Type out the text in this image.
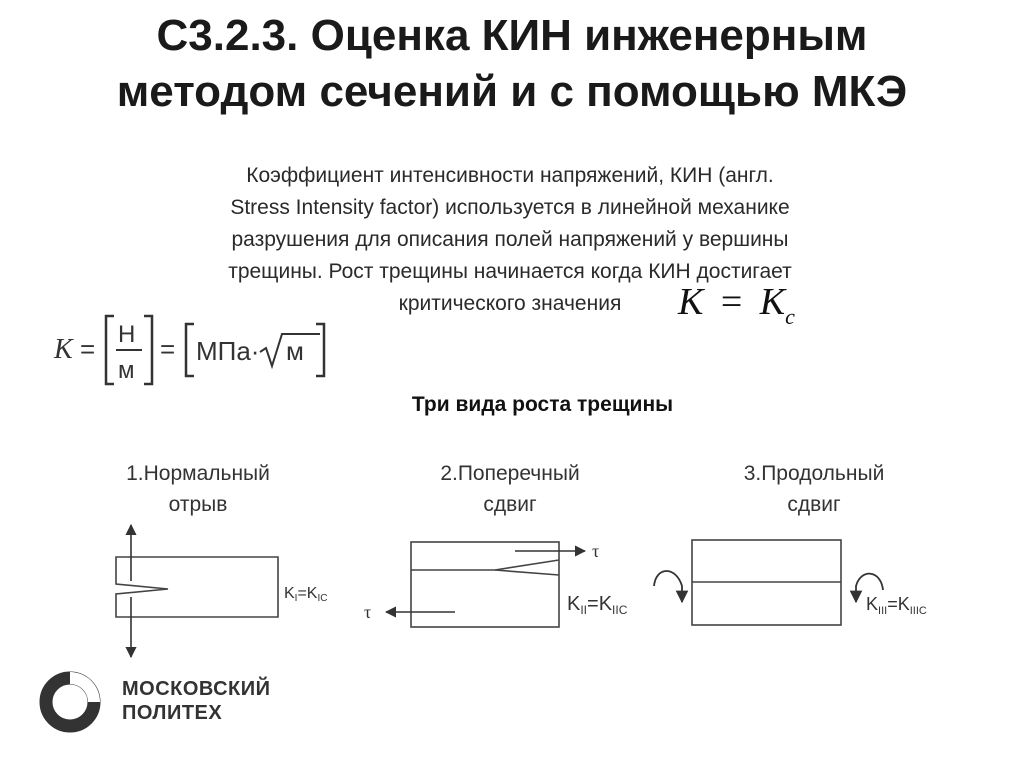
С3.2.3. Оценка КИН инженерным
методом сечений и с помощью МКЭ
Коэффициент интенсивности напряжений, КИН (англ.
Stress Intensity factor) используется в линейной механике
разрушения для описания полей напряжений у вершины
трещины. Рост трещины начинается когда КИН достигает
критического значения	$K = K_c$
K = Н
м
= МПа· м
Три вида роста трещины
1.Нормальный
отрыв
2.Поперечный
сдвиг
3.Продольный
сдвиг
KI=KIC
τ
τ	$K_{II}=K_{IIC}$	$K_{III}=K_{IIIC}$
МОСКОВСКИЙ
ПОЛИТЕХ
